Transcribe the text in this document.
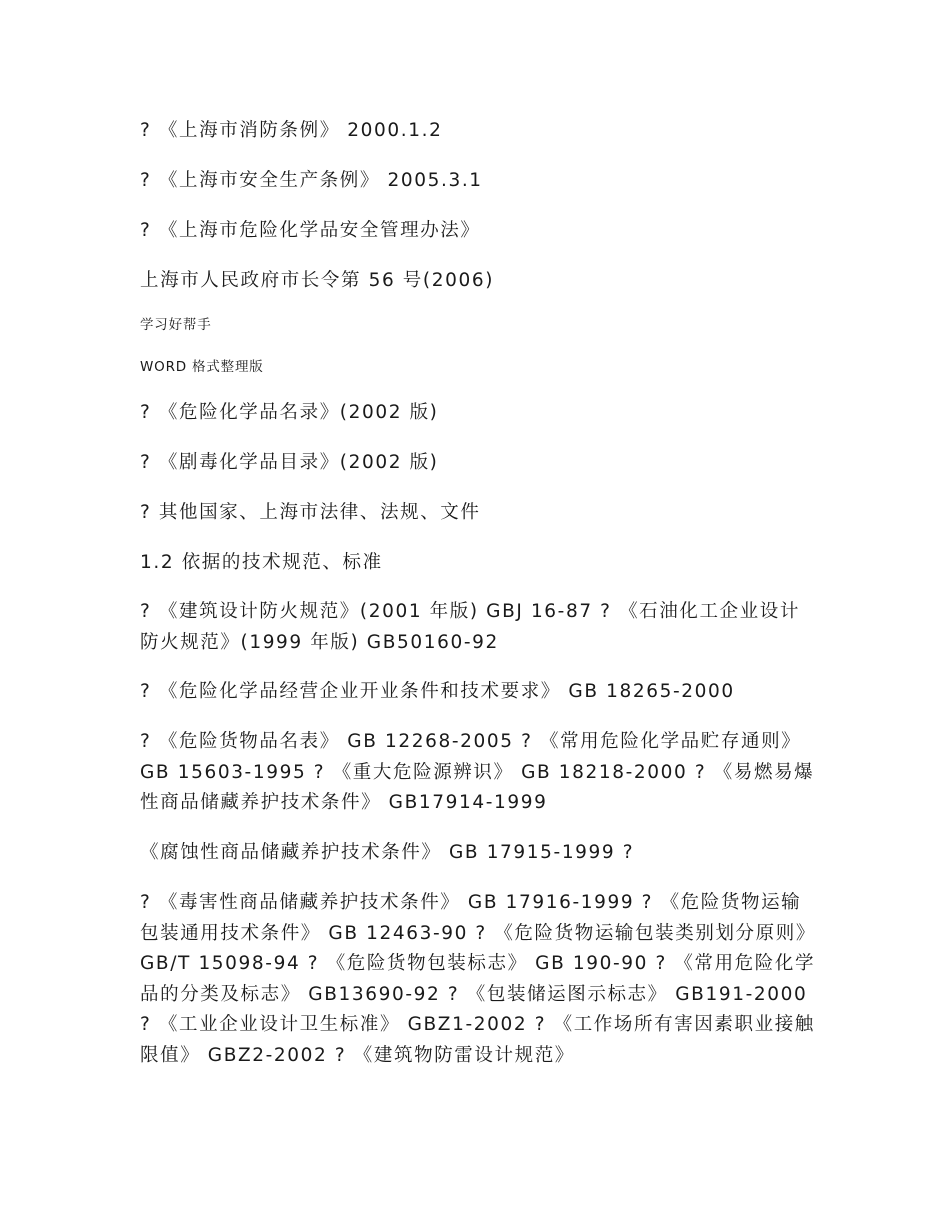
? 《上海市消防条例》 2000.1.2

? 《上海市安全生产条例》 2005.3.1

? 《上海市危险化学品安全管理办法》

上海市人民政府市长令第 56 号(2006)

学习好帮手

WORD 格式整理版

? 《危险化学品名录》(2002 版)

? 《剧毒化学品目录》(2002 版)

? 其他国家、上海市法律、法规、文件

1.2 依据的技术规范、标准

? 《建筑设计防火规范》(2001 年版) GBJ 16-87 ? 《石油化工企业设计防火规范》(1999 年版) GB50160-92

? 《危险化学品经营企业开业条件和技术要求》 GB 18265-2000

? 《危险货物品名表》 GB 12268-2005 ? 《常用危险化学品贮存通则》 GB 15603-1995 ? 《重大危险源辨识》 GB 18218-2000 ? 《易燃易爆性商品储藏养护技术条件》 GB17914-1999

《腐蚀性商品储藏养护技术条件》 GB 17915-1999 ?

? 《毒害性商品储藏养护技术条件》 GB 17916-1999 ? 《危险货物运输包装通用技术条件》 GB 12463-90 ? 《危险货物运输包装类别划分原则》 GB/T 15098-94 ? 《危险货物包装标志》 GB 190-90 ? 《常用危险化学品的分类及标志》 GB13690-92 ? 《包装储运图示标志》 GB191-2000 ? 《工业企业设计卫生标准》 GBZ1-2002 ? 《工作场所有害因素职业接触限值》 GBZ2-2002 ? 《建筑物防雷设计规范》
